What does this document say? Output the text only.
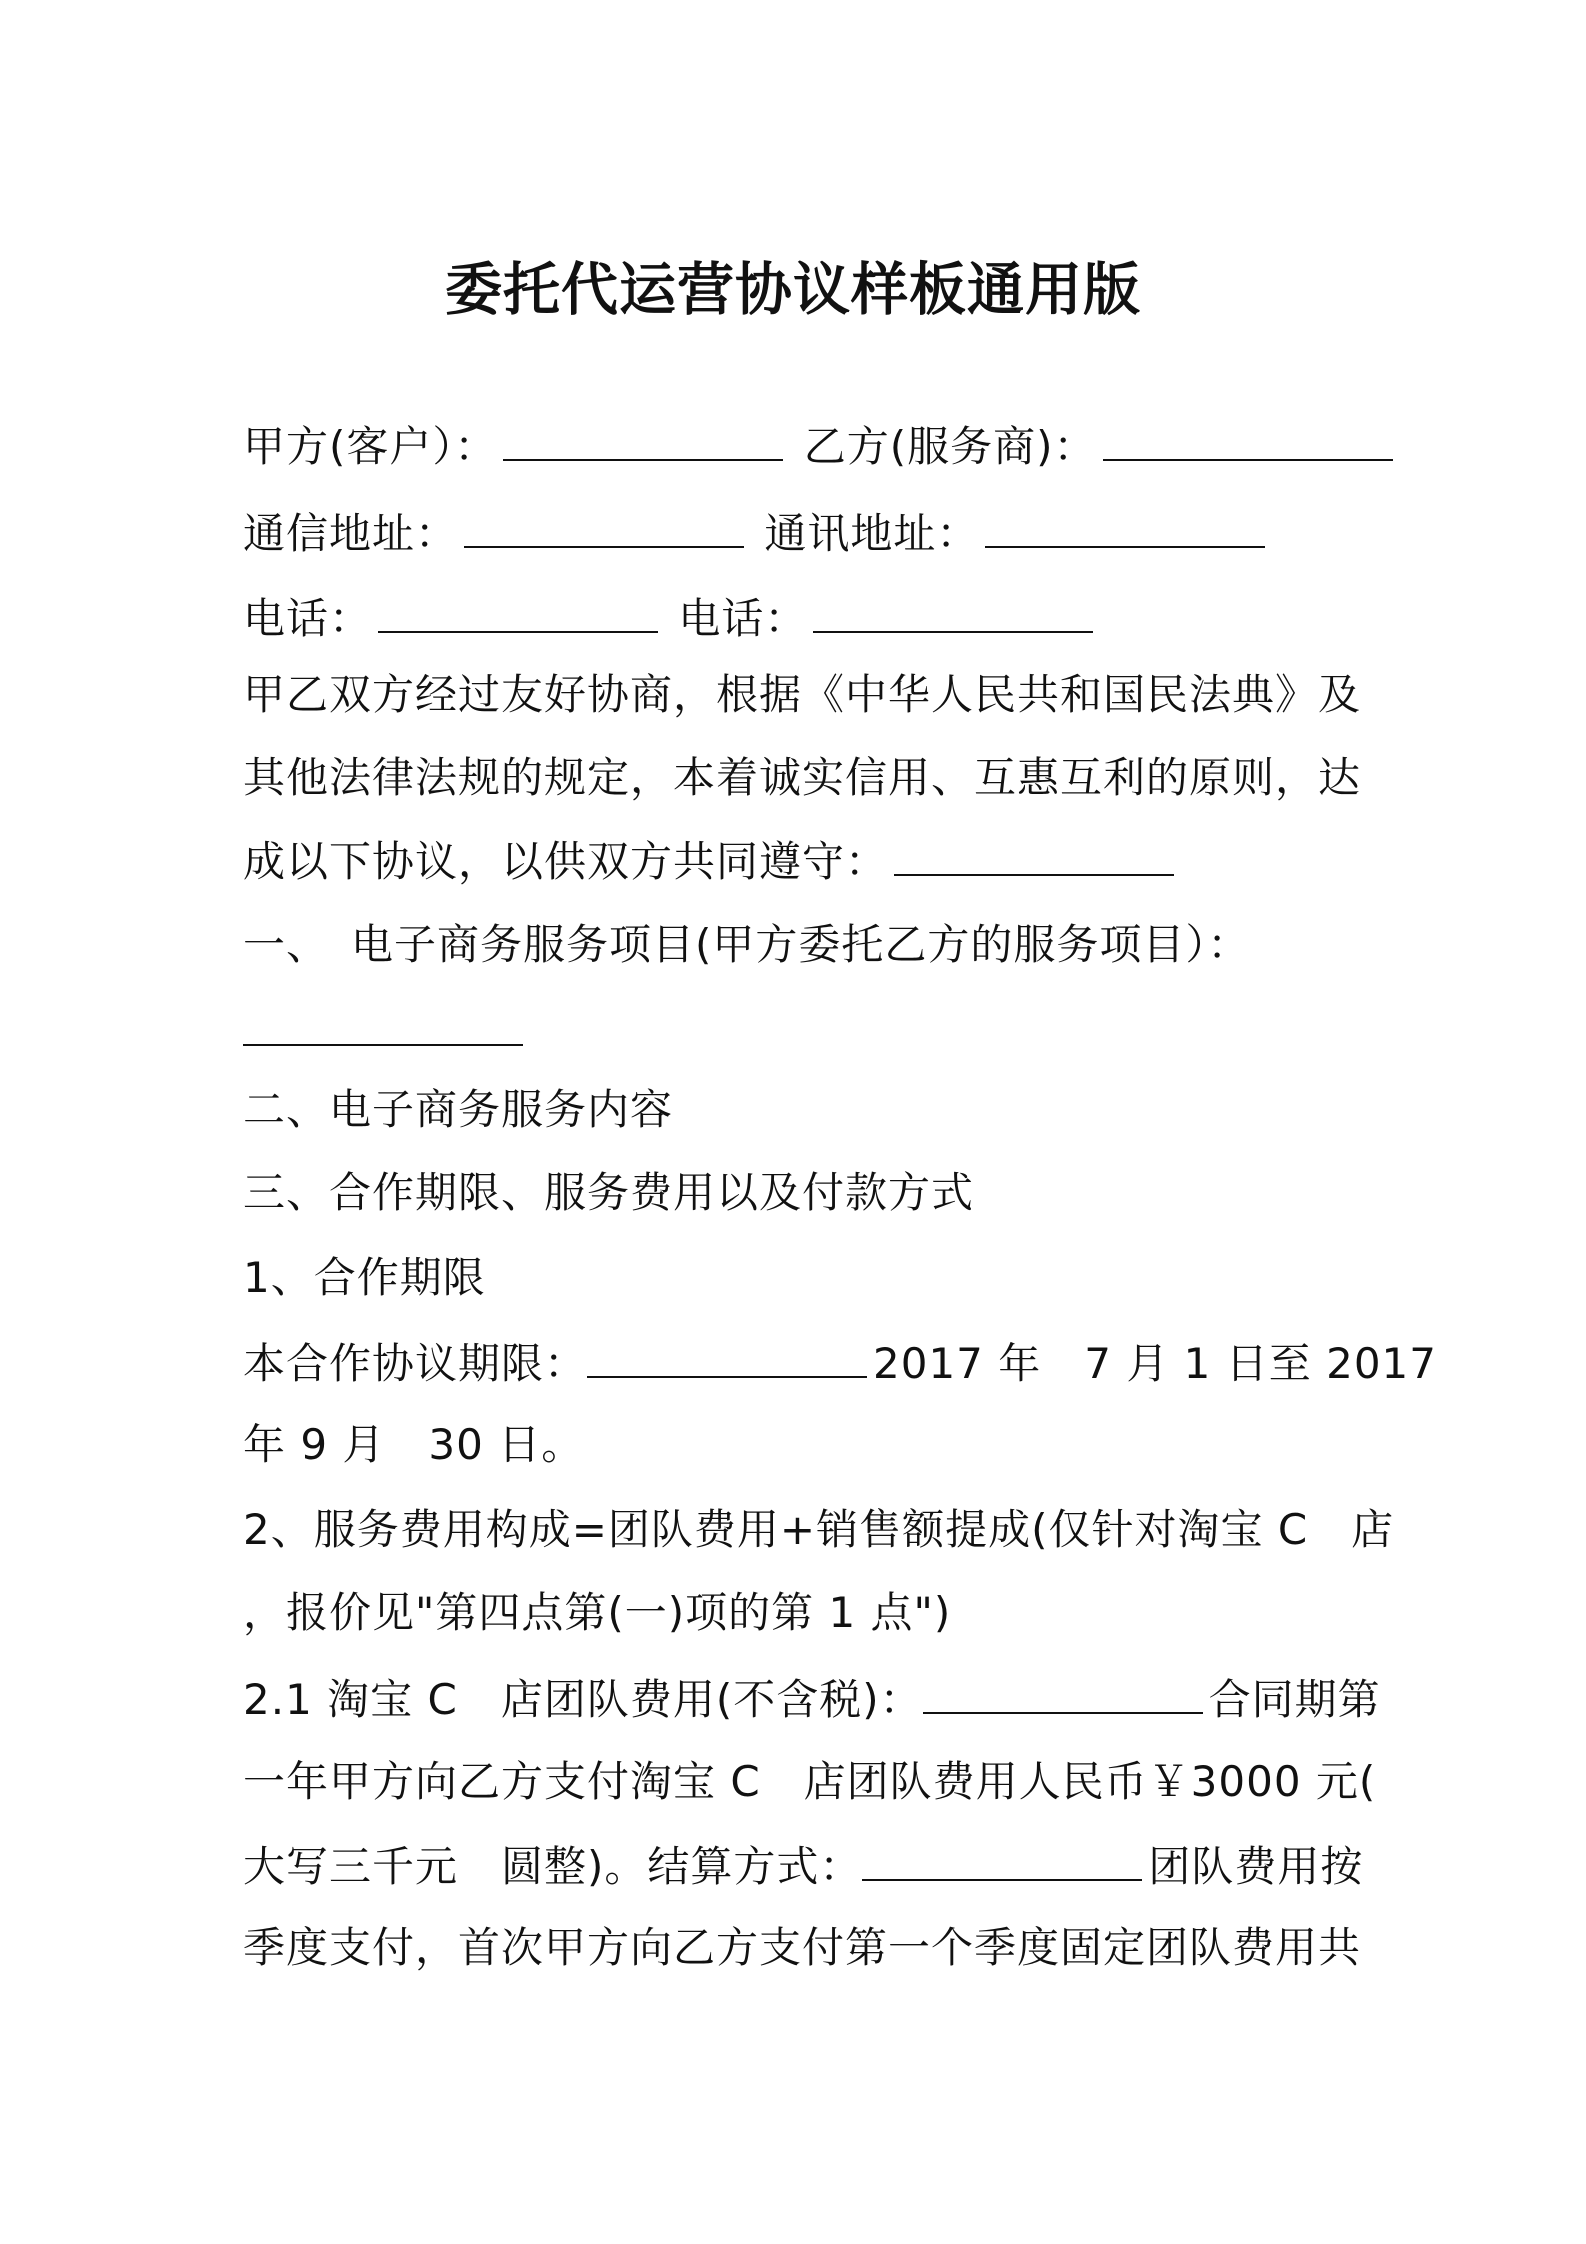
委托代运营协议样板通用版
甲方(客户）：	乙方(服务商)：
通信地址：	通讯地址：
电话：	电话：
甲乙双方经过友好协商，根据《中华人民共和国民法典》及
其他法律法规的规定，本着诚实信用、互惠互利的原则，达
成以下协议，以供双方共同遵守：
一、　电子商务服务项目(甲方委托乙方的服务项目）：
二、电子商务服务内容
三、合作期限、服务费用以及付款方式
1、合作期限
本合作协议期限：	2017 年　7 月 1 日至 2017
年 9 月　30 日。
2、服务费用构成=团队费用+销售额提成(仅针对淘宝 C　店
，报价见"第四点第(一)项的第 1 点")
2.1 淘宝 C　店团队费用(不含税)：	合同期第
一年甲方向乙方支付淘宝 C　店团队费用人民币￥3000 元(
大写三千元　圆整)。结算方式：	团队费用按
季度支付，首次甲方向乙方支付第一个季度固定团队费用共
